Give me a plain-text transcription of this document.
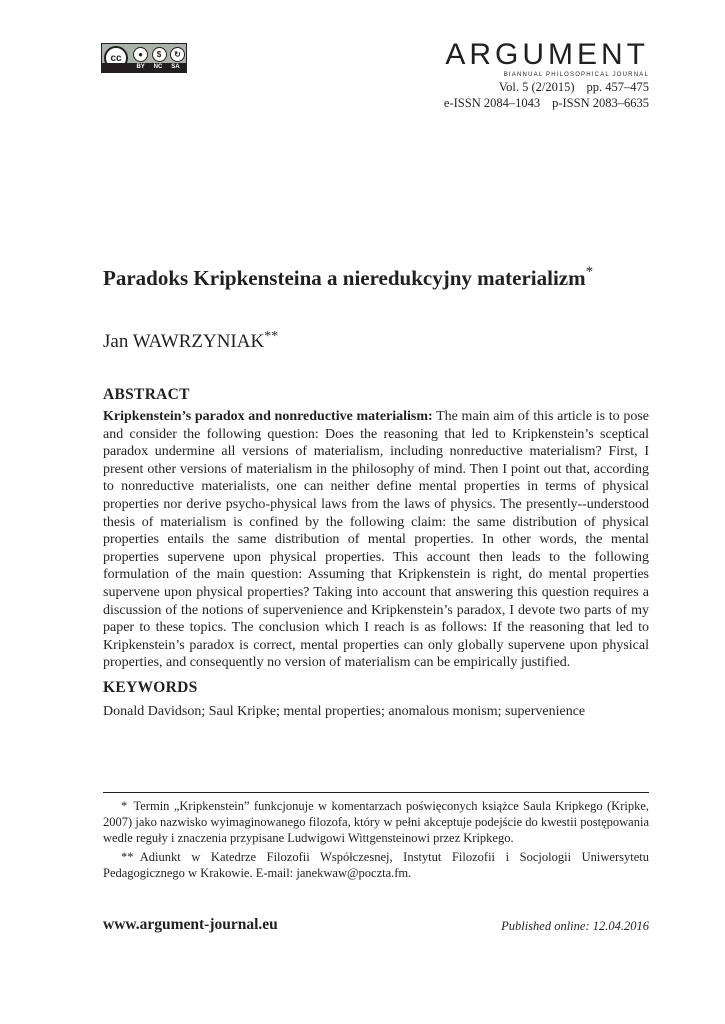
cc	●	$	↻
BY NC SA	ARGUMENT

BIANNUAL PHILOSOPHICAL JOURNAL
Vol. 5 (2/2015) pp. 457–475
e-ISSN 2084–1043 p-ISSN 2083–6635
Paradoks Kripkensteina a nieredukcyjny materializm*

Jan WAWRZYNIAK**

ABSTRACT

Kripkenstein’s paradox and nonreductive materialism: The main aim of this article is to pose and consider the following question: Does the reasoning that led to Kripkenstein’s sceptical paradox undermine all versions of materialism, including nonreductive materialism? First, I present other versions of materialism in the philosophy of mind. Then I point out that, according to nonreductive materialists, one can neither define mental properties in terms of physical properties nor derive psycho-physical laws from the laws of physics. The presently--understood thesis of materialism is confined by the following claim: the same distribution of physical properties entails the same distribution of mental properties. In other words, the mental properties supervene upon physical properties. This account then leads to the following formulation of the main question: Assuming that Kripkenstein is right, do mental properties supervene upon physical properties? Taking into account that answering this question requires a discussion of the notions of supervenience and Kripkenstein’s paradox, I devote two parts of my paper to these topics. The conclusion which I reach is as follows: If the reasoning that led to Kripkenstein’s paradox is correct, mental properties can only globally supervene upon physical properties, and consequently no version of materialism can be empirically justified.

KEYWORDS

Donald Davidson; Saul Kripke; mental properties; anomalous monism; supervenience

* Termin „Kripkenstein” funkcjonuje w komentarzach poświęconych książce Saula Kripkego (Kripke, 2007) jako nazwisko wyimaginowanego filozofa, który w pełni akceptuje podejście do kwestii postępowania wedle reguły i znaczenia przypisane Ludwigowi Wittgensteinowi przez Kripkego.

** Adiunkt w Katedrze Filozofii Współczesnej, Instytut Filozofii i Socjologii Uniwersytetu Pedagogicznego w Krakowie. E-mail: janekwaw@poczta.fm.

www.argument-journal.eu	Published online: 12.04.2016
